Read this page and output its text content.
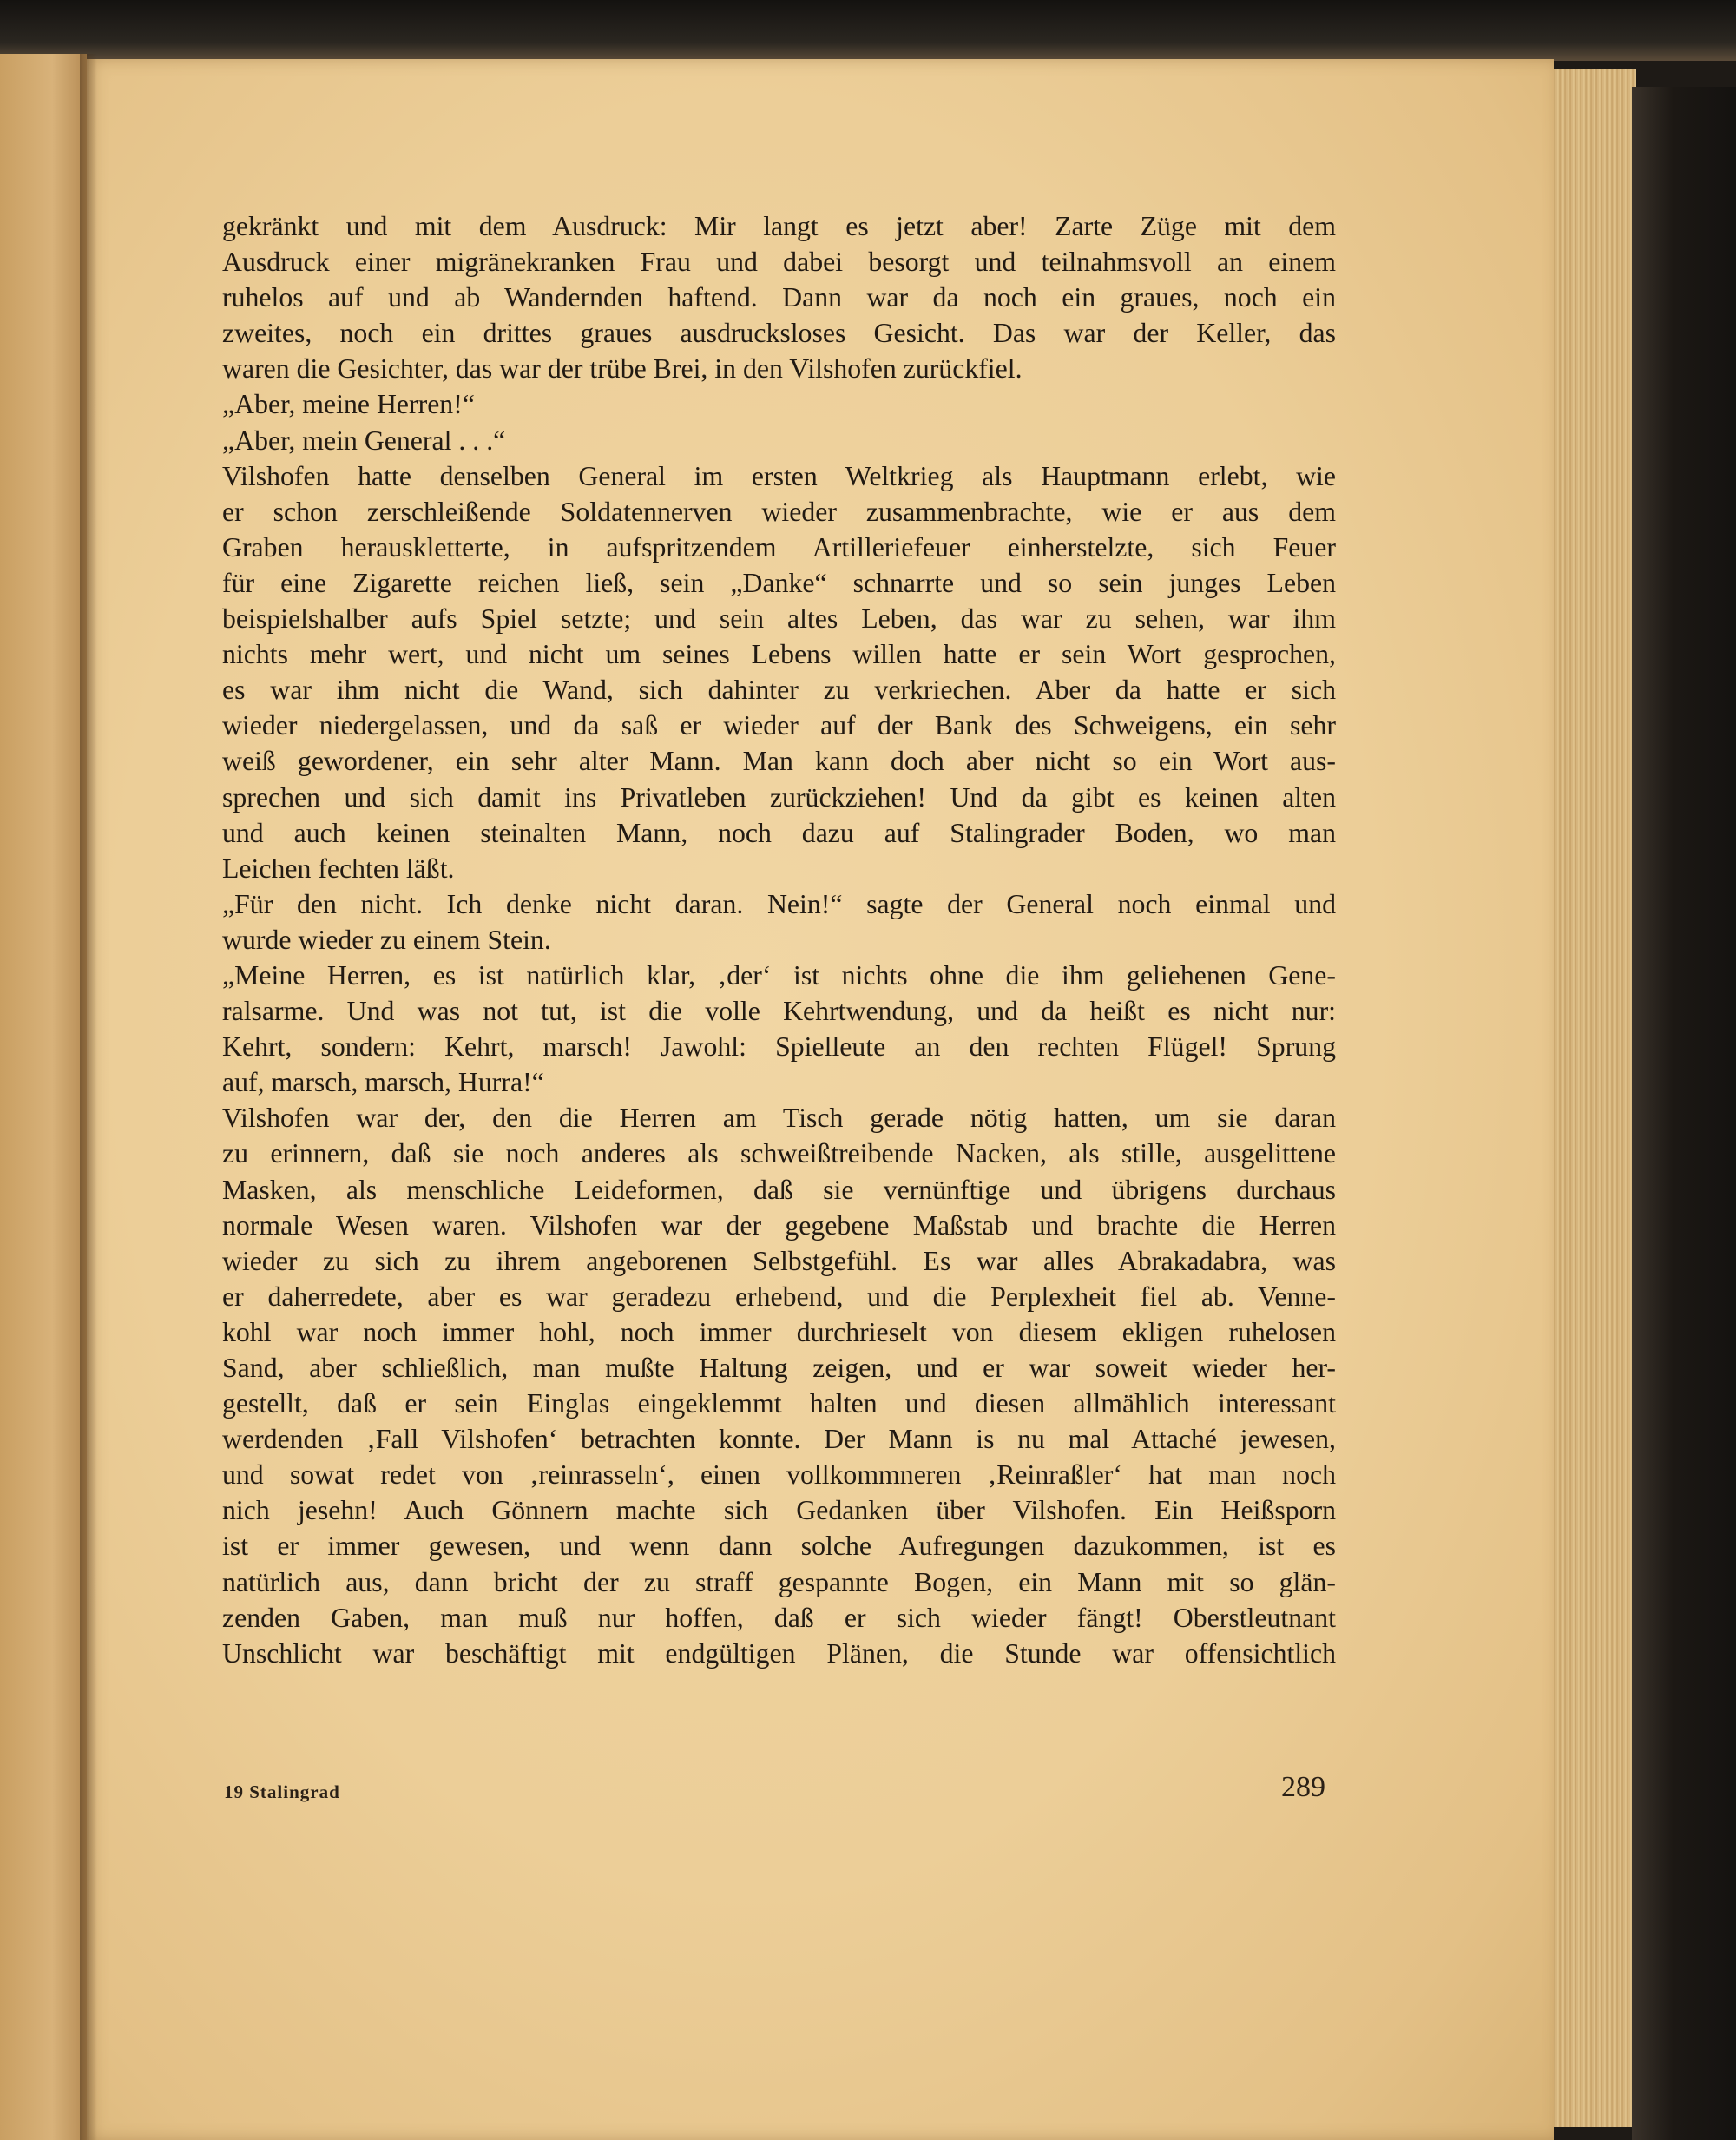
gekränkt und mit dem Ausdruck: Mir langt es jetzt aber! Zarte Züge mit dem
Ausdruck einer migränekranken Frau und dabei besorgt und teilnahmsvoll an einem
ruhelos auf und ab Wandernden haftend. Dann war da noch ein graues, noch ein
zweites, noch ein drittes graues ausdrucksloses Gesicht. Das war der Keller, das
waren die Gesichter, das war der trübe Brei, in den Vilshofen zurückfiel.
„Aber, meine Herren!“
„Aber, mein General . . .“
Vilshofen hatte denselben General im ersten Weltkrieg als Hauptmann erlebt, wie
er schon zerschleißende Soldatennerven wieder zusammenbrachte, wie er aus dem
Graben herauskletterte, in aufspritzendem Artilleriefeuer einherstelzte, sich Feuer
für eine Zigarette reichen ließ, sein „Danke“ schnarrte und so sein junges Leben
beispielshalber aufs Spiel setzte; und sein altes Leben, das war zu sehen, war ihm
nichts mehr wert, und nicht um seines Lebens willen hatte er sein Wort gesprochen,
es war ihm nicht die Wand, sich dahinter zu verkriechen. Aber da hatte er sich
wieder niedergelassen, und da saß er wieder auf der Bank des Schweigens, ein sehr
weiß gewordener, ein sehr alter Mann. Man kann doch aber nicht so ein Wort aus-
sprechen und sich damit ins Privatleben zurückziehen! Und da gibt es keinen alten
und auch keinen steinalten Mann, noch dazu auf Stalingrader Boden, wo man
Leichen fechten läßt.
„Für den nicht. Ich denke nicht daran. Nein!“ sagte der General noch einmal und
wurde wieder zu einem Stein.
„Meine Herren, es ist natürlich klar, ‚der‘ ist nichts ohne die ihm geliehenen Gene-
ralsarme. Und was not tut, ist die volle Kehrtwendung, und da heißt es nicht nur:
Kehrt, sondern: Kehrt, marsch! Jawohl: Spielleute an den rechten Flügel! Sprung
auf, marsch, marsch, Hurra!“
Vilshofen war der, den die Herren am Tisch gerade nötig hatten, um sie daran
zu erinnern, daß sie noch anderes als schweißtreibende Nacken, als stille, ausgelittene
Masken, als menschliche Leideformen, daß sie vernünftige und übrigens durchaus
normale Wesen waren. Vilshofen war der gegebene Maßstab und brachte die Herren
wieder zu sich zu ihrem angeborenen Selbstgefühl. Es war alles Abrakadabra, was
er daherredete, aber es war geradezu erhebend, und die Perplexheit fiel ab. Venne-
kohl war noch immer hohl, noch immer durchrieselt von diesem ekligen ruhelosen
Sand, aber schließlich, man mußte Haltung zeigen, und er war soweit wieder her-
gestellt, daß er sein Einglas eingeklemmt halten und diesen allmählich interessant
werdenden ‚Fall Vilshofen‘ betrachten konnte. Der Mann is nu mal Attaché jewesen,
und sowat redet von ‚reinrasseln‘, einen vollkommneren ‚Reinraßler‘ hat man noch
nich jesehn! Auch Gönnern machte sich Gedanken über Vilshofen. Ein Heißsporn
ist er immer gewesen, und wenn dann solche Aufregungen dazukommen, ist es
natürlich aus, dann bricht der zu straff gespannte Bogen, ein Mann mit so glän-
zenden Gaben, man muß nur hoffen, daß er sich wieder fängt! Oberstleutnant
Unschlicht war beschäftigt mit endgültigen Plänen, die Stunde war offensichtlich
19 Stalingrad	289
